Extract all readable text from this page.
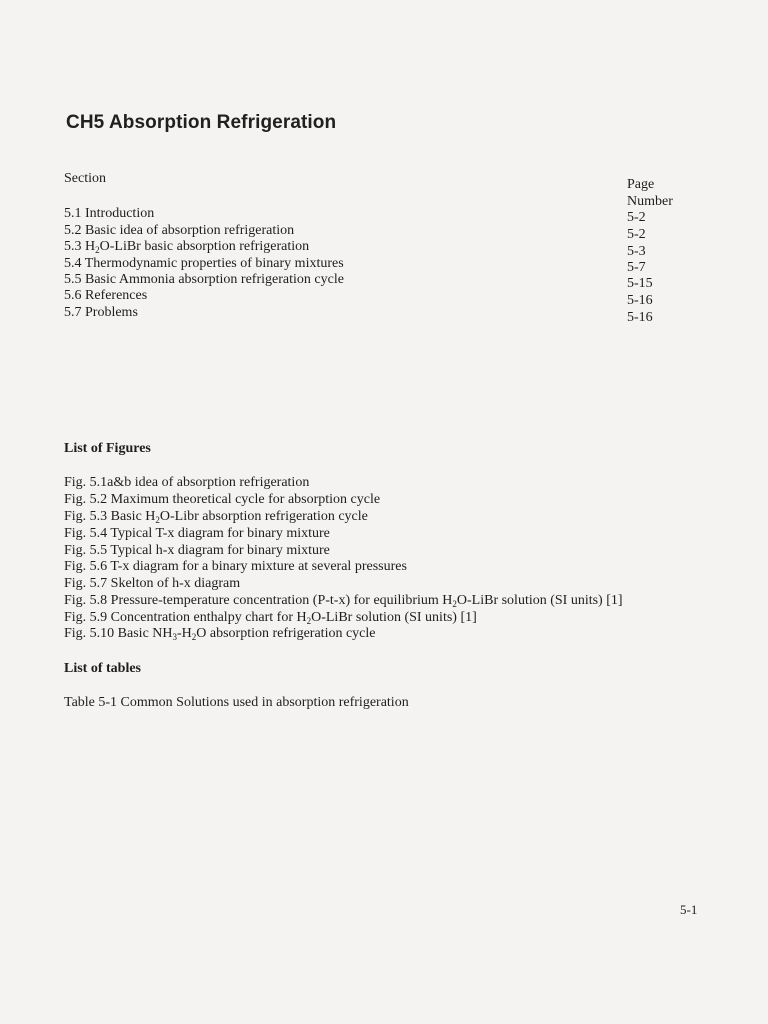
CH5 Absorption Refrigeration
Section	Page
Number
5.1 Introduction	5-2
5.2 Basic idea of absorption refrigeration	5-2
5.3 $H_2O$-LiBr basic absorption refrigeration	5-3
5.4 Thermodynamic properties of binary mixtures	5-7
5.5 Basic Ammonia absorption refrigeration cycle	5-15
5.6 References	5-16
5.7 Problems	5-16
List of Figures
Fig. 5.1a&b idea of absorption refrigeration
Fig. 5.2 Maximum theoretical cycle for absorption cycle
Fig. 5.3 Basic $H_2O$-Libr absorption refrigeration cycle
Fig. 5.4 Typical T-x diagram for binary mixture
Fig. 5.5 Typical h-x diagram for binary mixture
Fig. 5.6 T-x diagram for a binary mixture at several pressures
Fig. 5.7 Skelton of h-x diagram
Fig. 5.8 Pressure-temperature concentration (P-t-x) for equilibrium $H_2O$-LiBr solution (SI units) [1]
Fig. 5.9 Concentration enthalpy chart for $H_2O$-LiBr solution (SI units) [1]
Fig. 5.10 Basic $NH_3-H_2O$ absorption refrigeration cycle
List of tables
Table 5-1 Common Solutions used in absorption refrigeration
5-1
